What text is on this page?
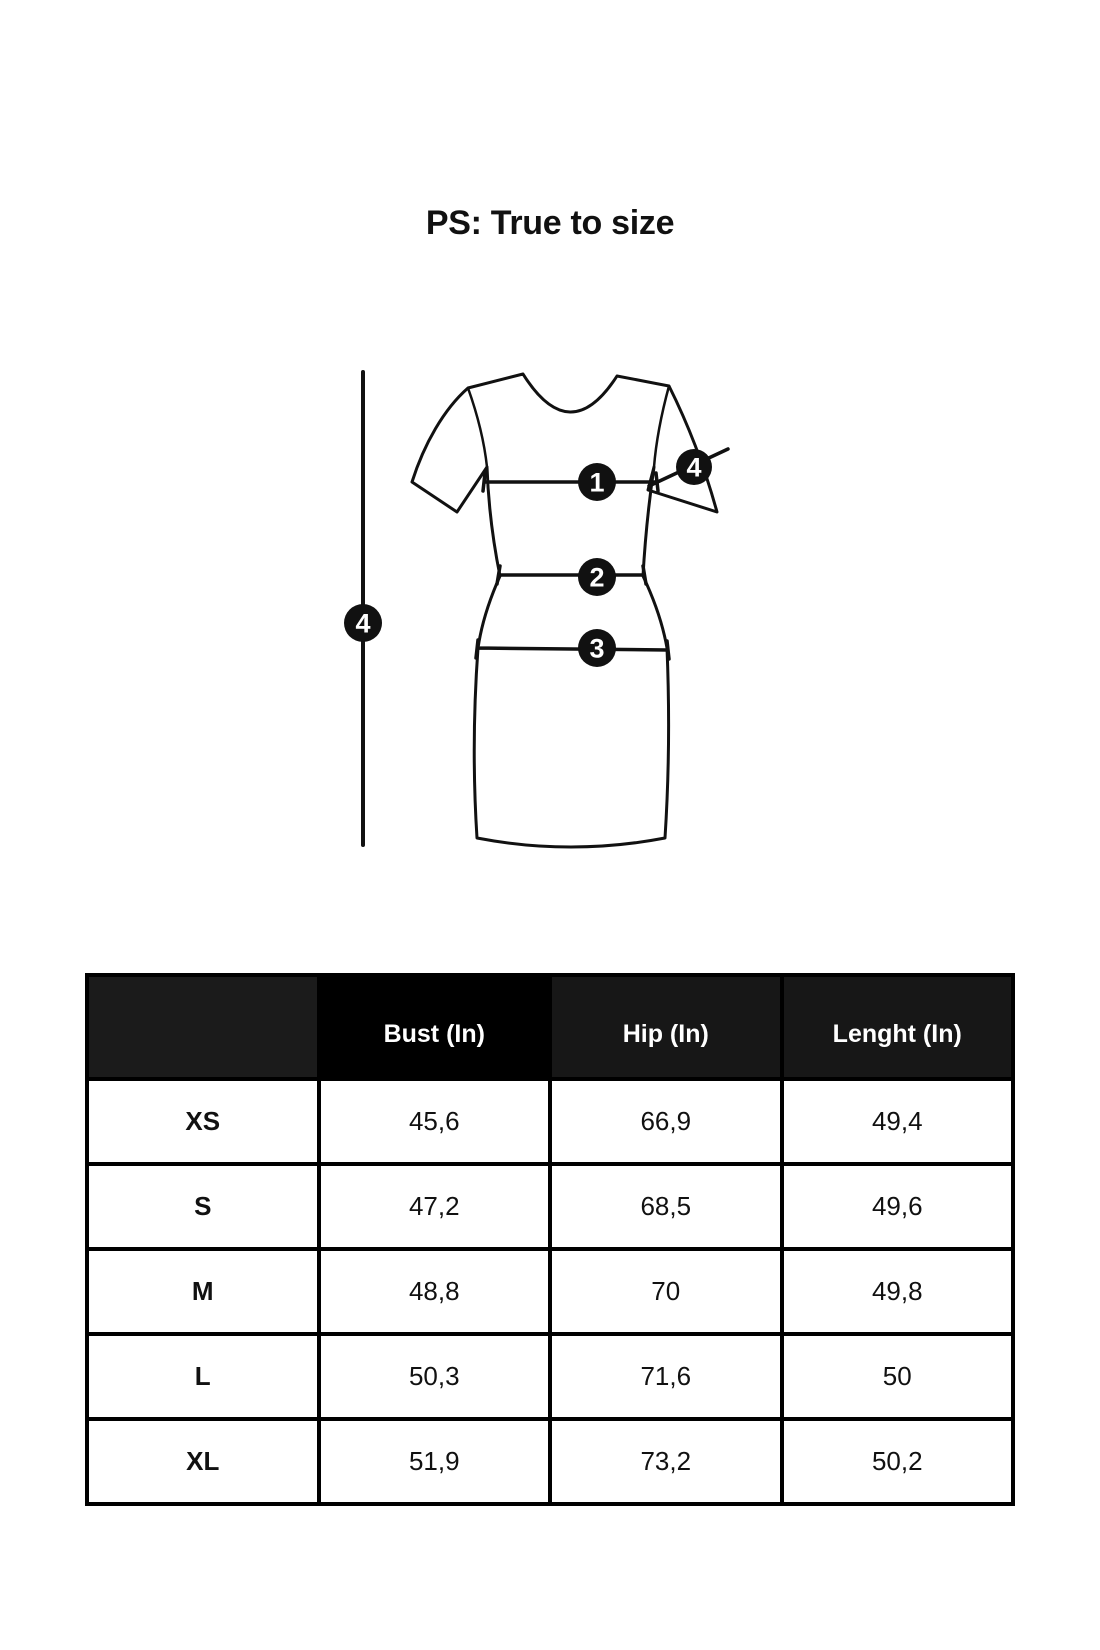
PS: True to size
1
2
3
4
4
	Bust (In)	Hip (In)	Lenght (In)
XS	45,6	66,9	49,4
S	47,2	68,5	49,6
M	48,8	70	49,8
L	50,3	71,6	50
XL	51,9	73,2	50,2
